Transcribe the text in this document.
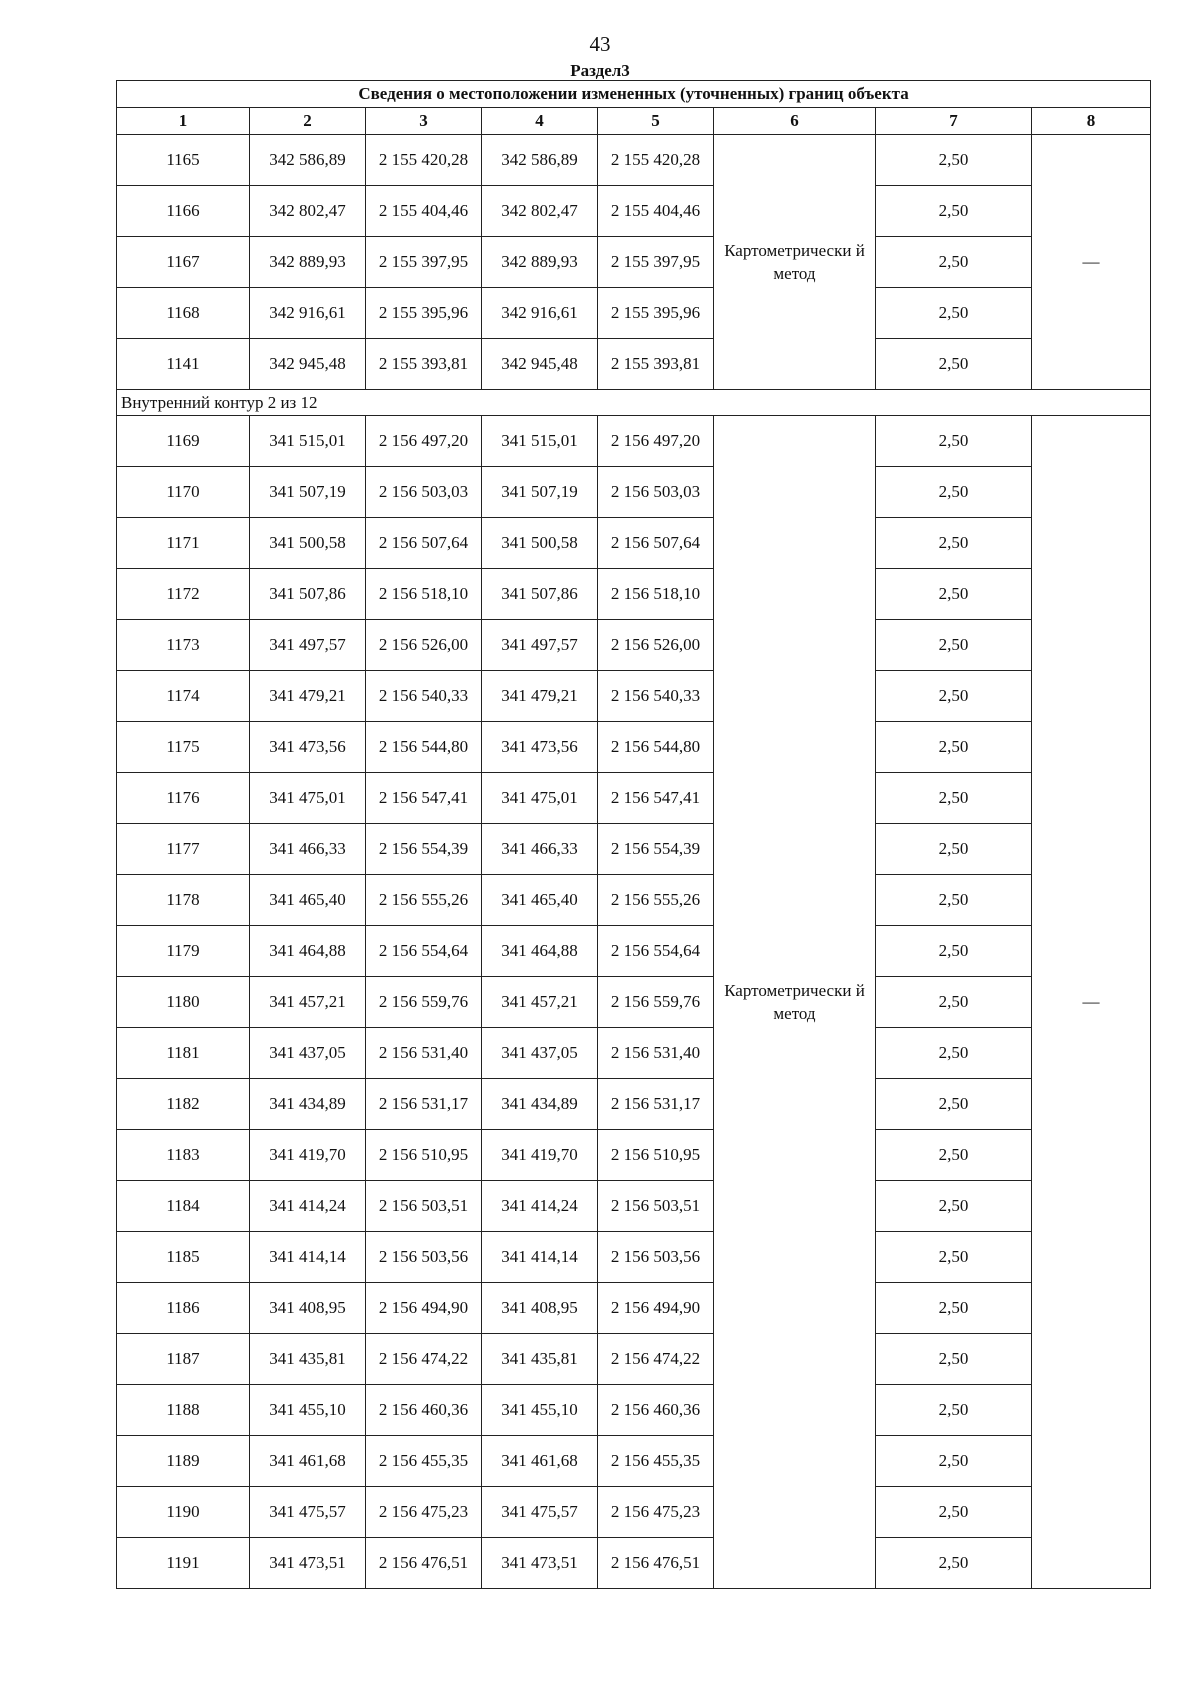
43
Раздел3
Сведения о местоположении измененных (уточненных) границ объекта							
1	2	3	4	5	6	7	8
1165	342 586,89	2 155 420,28	342 586,89	2 155 420,28	Картометрически й метод	2,50	—
1166	342 802,47	2 155 404,46	342 802,47	2 155 404,46		2,50	
1167	342 889,93	2 155 397,95	342 889,93	2 155 397,95		2,50	
1168	342 916,61	2 155 395,96	342 916,61	2 155 395,96		2,50	
1141	342 945,48	2 155 393,81	342 945,48	2 155 393,81		2,50	
Внутренний контур 2 из 12							
1169	341 515,01	2 156 497,20	341 515,01	2 156 497,20	Картометрически й метод	2,50	—
1170	341 507,19	2 156 503,03	341 507,19	2 156 503,03		2,50	
1171	341 500,58	2 156 507,64	341 500,58	2 156 507,64		2,50	
1172	341 507,86	2 156 518,10	341 507,86	2 156 518,10		2,50	
1173	341 497,57	2 156 526,00	341 497,57	2 156 526,00		2,50	
1174	341 479,21	2 156 540,33	341 479,21	2 156 540,33		2,50	
1175	341 473,56	2 156 544,80	341 473,56	2 156 544,80		2,50	
1176	341 475,01	2 156 547,41	341 475,01	2 156 547,41		2,50	
1177	341 466,33	2 156 554,39	341 466,33	2 156 554,39		2,50	
1178	341 465,40	2 156 555,26	341 465,40	2 156 555,26		2,50	
1179	341 464,88	2 156 554,64	341 464,88	2 156 554,64		2,50	
1180	341 457,21	2 156 559,76	341 457,21	2 156 559,76		2,50	
1181	341 437,05	2 156 531,40	341 437,05	2 156 531,40		2,50	
1182	341 434,89	2 156 531,17	341 434,89	2 156 531,17		2,50	
1183	341 419,70	2 156 510,95	341 419,70	2 156 510,95		2,50	
1184	341 414,24	2 156 503,51	341 414,24	2 156 503,51		2,50	
1185	341 414,14	2 156 503,56	341 414,14	2 156 503,56		2,50	
1186	341 408,95	2 156 494,90	341 408,95	2 156 494,90		2,50	
1187	341 435,81	2 156 474,22	341 435,81	2 156 474,22		2,50	
1188	341 455,10	2 156 460,36	341 455,10	2 156 460,36		2,50	
1189	341 461,68	2 156 455,35	341 461,68	2 156 455,35		2,50	
1190	341 475,57	2 156 475,23	341 475,57	2 156 475,23		2,50	
1191	341 473,51	2 156 476,51	341 473,51	2 156 476,51		2,50	
